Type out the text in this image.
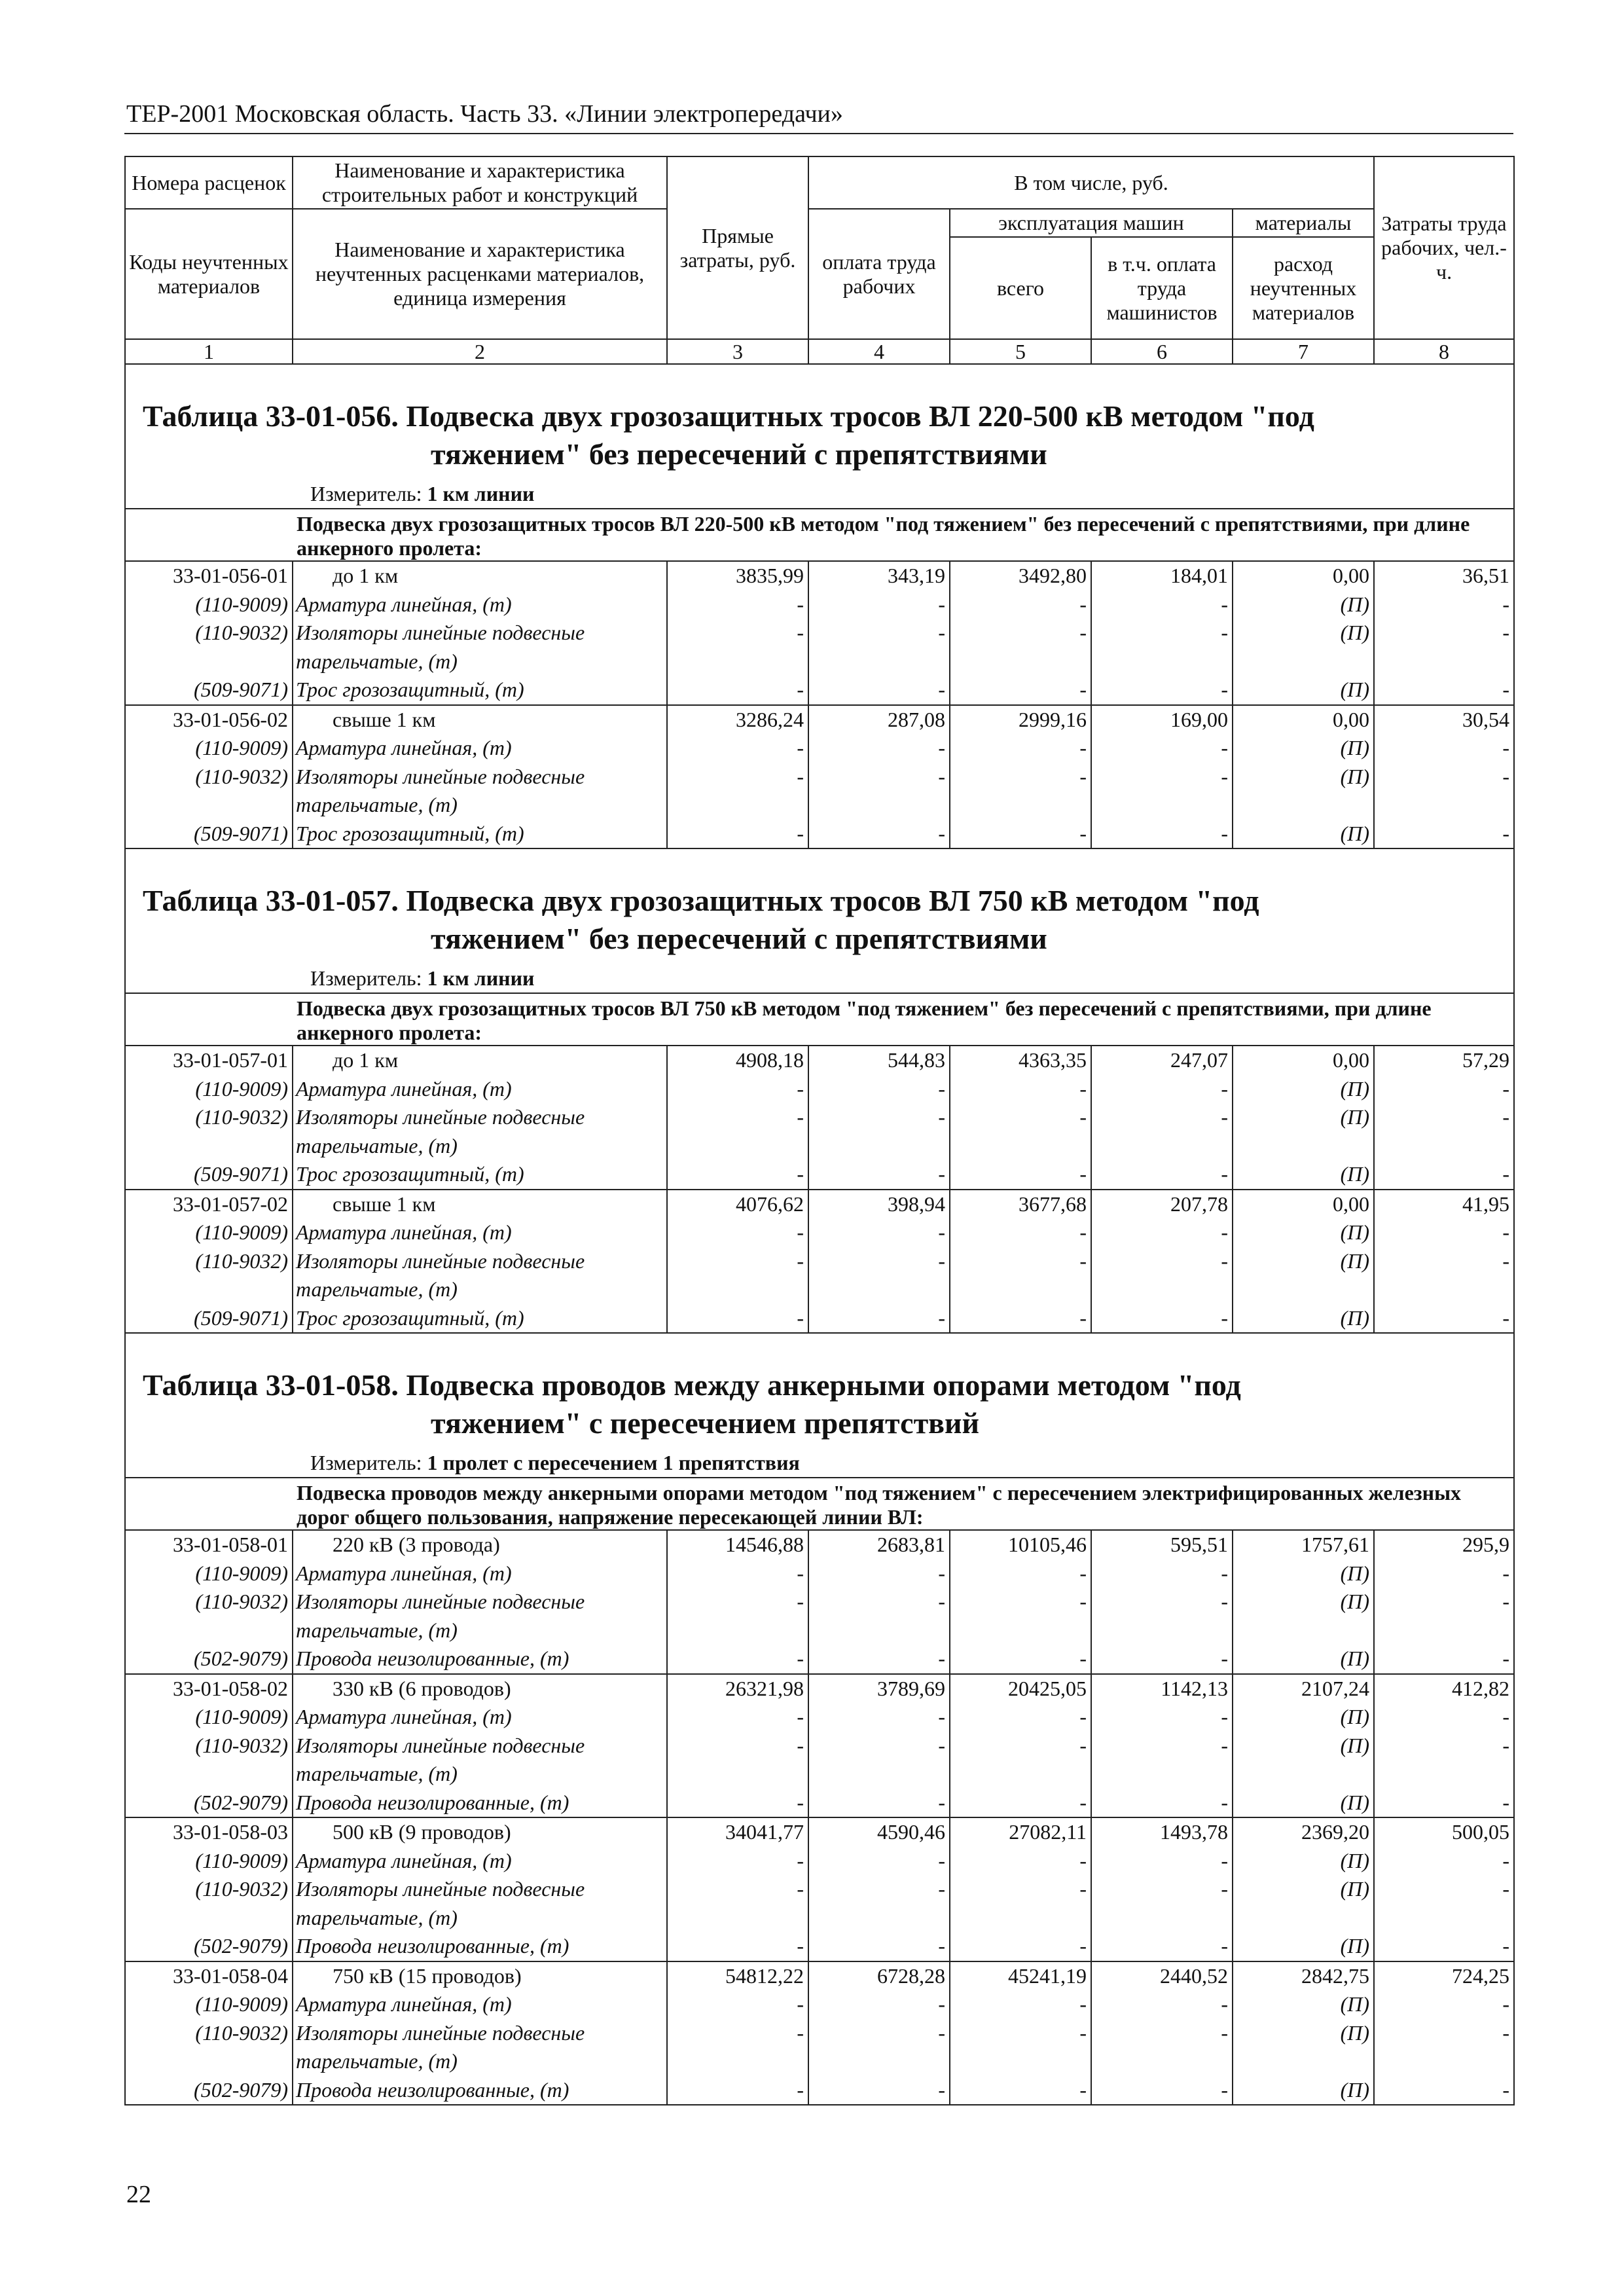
ТЕР-2001 Московская область. Часть 33. «Линии электропередачи»
Номера расценок	Наименование и характеристика строительных работ и конструкций	Прямые затраты, руб.	В том числе, руб.				Затраты труда рабочих, чел.-ч.
Коды неучтенных материалов	Наименование и характеристика неучтенных расценками материалов, единица измерения		оплата труда рабочих	эксплуатация машин		материалы	
				всего	в т.ч. оплата труда машинистов	расход неучтенных материалов	
1	2	3	4	5	6	7	8

Таблица 33-01-056. Подвеска двух грозозащитных тросов ВЛ 220-500 кВ методом "под
тяжением" без пересечений с препятствиями
Измеритель: 1 км линии							

	Подвеска двух грозозащитных тросов ВЛ 220-500 кВ методом "под тяжением" без пересечений с препятствиями, при длине анкерного пролета:						
33-01-056-01	до 1 км	3835,99	343,19	3492,80	184,01	0,00	36,51
(110-9009)	Арматура линейная, (т)	-	-	-	-	(П)	-
(110-9032)	Изоляторы линейные подвесные тарельчатые, (т)	-	-	-	-	(П)	-
(509-9071)	Трос грозозащитный, (т)	-	-	-	-	(П)	-
33-01-056-02	свыше 1 км	3286,24	287,08	2999,16	169,00	0,00	30,54
(110-9009)	Арматура линейная, (т)	-	-	-	-	(П)	-
(110-9032)	Изоляторы линейные подвесные тарельчатые, (т)	-	-	-	-	(П)	-
(509-9071)	Трос грозозащитный, (т)	-	-	-	-	(П)	-

Таблица 33-01-057. Подвеска двух грозозащитных тросов ВЛ 750 кВ методом "под
тяжением" без пересечений с препятствиями
Измеритель: 1 км линии							

	Подвеска двух грозозащитных тросов ВЛ 750 кВ методом "под тяжением" без пересечений с препятствиями, при длине анкерного пролета:						
33-01-057-01	до 1 км	4908,18	544,83	4363,35	247,07	0,00	57,29
(110-9009)	Арматура линейная, (т)	-	-	-	-	(П)	-
(110-9032)	Изоляторы линейные подвесные тарельчатые, (т)	-	-	-	-	(П)	-
(509-9071)	Трос грозозащитный, (т)	-	-	-	-	(П)	-
33-01-057-02	свыше 1 км	4076,62	398,94	3677,68	207,78	0,00	41,95
(110-9009)	Арматура линейная, (т)	-	-	-	-	(П)	-
(110-9032)	Изоляторы линейные подвесные тарельчатые, (т)	-	-	-	-	(П)	-
(509-9071)	Трос грозозащитный, (т)	-	-	-	-	(П)	-

Таблица 33-01-058. Подвеска проводов между анкерными опорами методом "под
тяжением" с пересечением препятствий
Измеритель: 1 пролет с пересечением 1 препятствия							

	Подвеска проводов между анкерными опорами методом "под тяжением" с пересечением электрифицированных железных дорог общего пользования, напряжение пересекающей линии ВЛ:						
33-01-058-01	220 кВ (3 провода)	14546,88	2683,81	10105,46	595,51	1757,61	295,9
(110-9009)	Арматура линейная, (т)	-	-	-	-	(П)	-
(110-9032)	Изоляторы линейные подвесные тарельчатые, (т)	-	-	-	-	(П)	-
(502-9079)	Провода неизолированные, (т)	-	-	-	-	(П)	-
33-01-058-02	330 кВ (6 проводов)	26321,98	3789,69	20425,05	1142,13	2107,24	412,82
(110-9009)	Арматура линейная, (т)	-	-	-	-	(П)	-
(110-9032)	Изоляторы линейные подвесные тарельчатые, (т)	-	-	-	-	(П)	-
(502-9079)	Провода неизолированные, (т)	-	-	-	-	(П)	-
33-01-058-03	500 кВ (9 проводов)	34041,77	4590,46	27082,11	1493,78	2369,20	500,05
(110-9009)	Арматура линейная, (т)	-	-	-	-	(П)	-
(110-9032)	Изоляторы линейные подвесные тарельчатые, (т)	-	-	-	-	(П)	-
(502-9079)	Провода неизолированные, (т)	-	-	-	-	(П)	-
33-01-058-04	750 кВ (15 проводов)	54812,22	6728,28	45241,19	2440,52	2842,75	724,25
(110-9009)	Арматура линейная, (т)	-	-	-	-	(П)	-
(110-9032)	Изоляторы линейные подвесные тарельчатые, (т)	-	-	-	-	(П)	-
(502-9079)	Провода неизолированные, (т)	-	-	-	-	(П)	-
22
